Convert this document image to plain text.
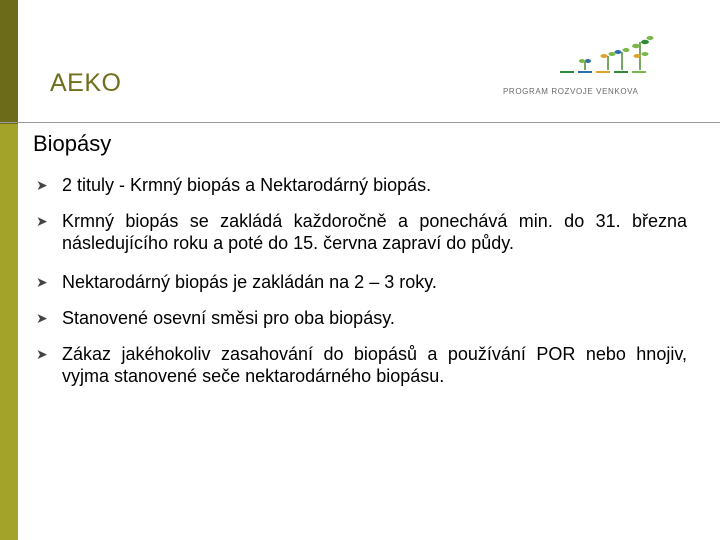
AEKO	PROGRAM ROZVOJE VENKOVA
Biopásy
➤ 2 tituly - Krmný biopás a Nektarodárný biopás.
➤ Krmný biopás se zakládá každoročně a ponechává min. do 31. března následujícího roku a poté do 15. června zapraví do půdy.
➤ Nektarodárný biopás je zakládán na 2 – 3 roky.
➤ Stanovené osevní směsi pro oba biopásy.
➤ Zákaz jakéhokoliv zasahování do biopásů a používání POR nebo hnojiv, vyjma stanovené seče nektarodárného biopásu.
